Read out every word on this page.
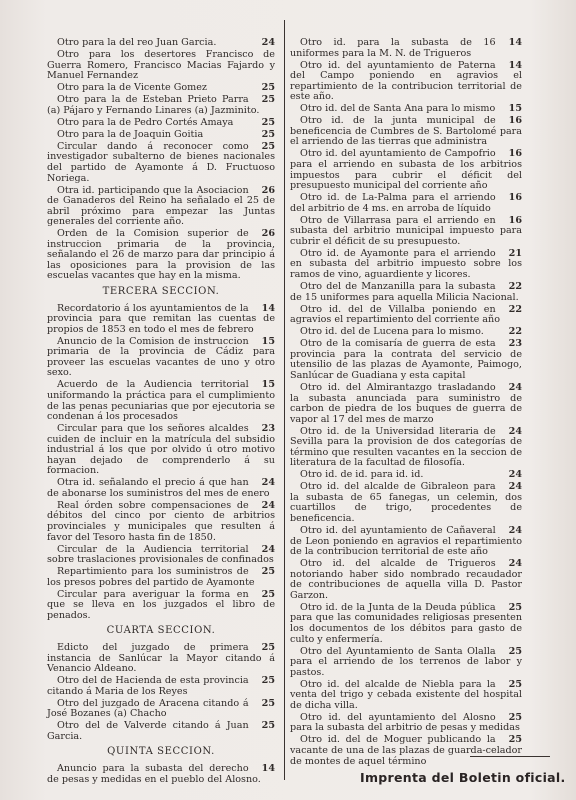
24
Otro para la del reo Juan Garcia.
Otro para los desertores Francisco de Guerra Romero, Francisco Macias Fajardo y Manuel Fernandez
25
Otro para la de Vicente Gomez
25
Otro para la de Esteban Prieto Parra (a) Pájaro y Fernando Linares (a) Jazminito.
25
Otro para la de Pedro Cortés Amaya
25
Otro para la de Joaquin Goitia
25
Circular dando á reconocer como investigador subalterno de bienes nacionales del partido de Ayamonte á D. Fructuoso Noriega.
26
Otra id. participando que la Asociacion de Ganaderos del Reino ha señalado el 25 de abril próximo para empezar las Juntas generales del corriente año.
26
Orden de la Comision superior de instruccion primaria de la provincia, señalando el 26 de marzo para dar principio á las oposiciones para la provision de las escuelas vacantes que hay en la misma.
TERCERA SECCION.
14
Recordatorio á los ayuntamientos de la provincia para que remitan las cuentas de propios de 1853 en todo el mes de febrero
15
Anuncio de la Comision de instruccion primaria de la provincia de Cádiz para proveer las escuelas vacantes de uno y otro sexo.
15
Acuerdo de la Audiencia territorial uniformando la práctica para el cumplimiento de las penas pecuniarias que por ejecutoria se condenan á los procesados
23
Circular para que los señores alcaldes cuiden de incluir en la matrícula del subsidio industrial á los que por olvido ú otro motivo hayan dejado de comprenderlo á su formacion.
24
Otra id. señalando el precio á que han de abonarse los suministros del mes de enero
24
Real órden sobre compensaciones de débitos del cinco por ciento de arbitrios provinciales y municipales que resulten á favor del Tesoro hasta fin de 1850.
24
Circular de la Audiencia territorial sobre traslaciones provisionales de confinados
25
Repartimiento para los suministros de los presos pobres del partido de Ayamonte
25
Circular para averiguar la forma en que se lleva en los juzgados el libro de penados.
CUARTA SECCION.
25
Edicto del juzgado de primera instancia de Sanlúcar la Mayor citando á Venancio Aldeano.
25
Otro del de Hacienda de esta provincia citando á Maria de los Reyes
25
Otro del juzgado de Aracena citando á José Bozanes (a) Chacho
25
Otro del de Valverde citando á Juan Garcia.
QUINTA SECCION.
14
Anuncio para la subasta del derecho de pesas y medidas en el pueblo del Alosno.
14
Otro id. para la subasta de 16 uniformes para la M. N. de Trigueros
14
Otro id. del ayuntamiento de Paterna del Campo poniendo en agravios el repartimiento de la contribucion territorial de este año.
15
Otro id. del de Santa Ana para lo mismo
16
Otro id. de la junta municipal de beneficencia de Cumbres de S. Bartolomé para el arriendo de las tierras que administra
16
Otro id. del ayuntamiento de Campofrio para el arriendo en subasta de los arbitrios impuestos para cubrir el déficit del presupuesto municipal del corriente año
16
Otro id. de La-Palma para el arriendo del arbitrio de 4 ms. en arroba de líquido
16
Otro de Villarrasa para el arriendo en subasta del arbitrio municipal impuesto para cubrir el déficit de su presupuesto.
21
Otro id. de Ayamonte para el arriendo en subasta del arbitrio impuesto sobre los ramos de vino, aguardiente y licores.
22
Otro del de Manzanilla para la subasta de 15 uniformes para aquella Milicia Nacional.
22
Otro id. del de Villalba poniendo en agravios el repartimiento del corriente año
22
Otro id. del de Lucena para lo mismo.
23
Otro de la comisaría de guerra de esta provincia para la contrata del servicio de utensilio de las plazas de Ayamonte, Paimogo, Sanlúcar de Guadiana y esta capital
24
Otro id. del Almirantazgo trasladando la subasta anunciada para suministro de carbon de piedra de los buques de guerra de vapor al 17 del mes de marzo
24
Otro id. de la Universidad literaria de Sevilla para la provision de dos categorías de término que resulten vacantes en la seccion de literatura de la facultad de filosofía.
24
Otro id. de id. para id. id.
24
Otro id. del alcalde de Gibraleon para la subasta de 65 fanegas, un celemin, dos cuartillos de trigo, procedentes de beneficencia.
24
Otro id. del ayuntamiento de Cañaveral de Leon poniendo en agravios el repartimiento de la contribucion territorial de este año
24
Otro id. del alcalde de Trigueros notoriando haber sido nombrado recaudador de contribuciones de aquella villa D. Pastor Garzon.
25
Otro id. de la Junta de la Deuda pública para que las comunidades religiosas presenten los documentos de los débitos para gasto de culto y enfermería.
25
Otro del Ayuntamiento de Santa Olalla para el arriendo de los terrenos de labor y pastos.
25
Otro id. del alcalde de Niebla para la venta del trigo y cebada existente del hospital de dicha villa.
25
Otro id. del ayuntamiento del Alosno para la subasta del arbitrio de pesas y medidas
25
Otro id. del de Moguer publicando la vacante de una de las plazas de guarda-celador de montes de aquel término
Imprenta del Boletin oficial.
